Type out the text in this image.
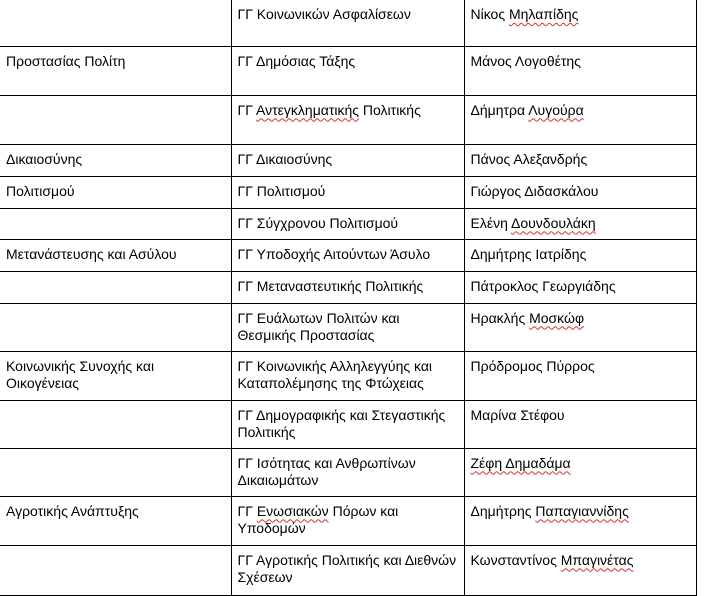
	ΓΓ Κοινωνικών Ασφαλίσεων	Νίκος Μηλαπίδης
Προστασίας Πολίτη	ΓΓ Δημόσιας Τάξης	Μάνος Λογοθέτης
	ΓΓ Αντεγκληματικής Πολιτικής	Δήμητρα Λυγούρα
Δικαιοσύνης	ΓΓ Δικαιοσύνης	Πάνος Αλεξανδρής
Πολιτισμού	ΓΓ Πολιτισμού	Γιώργος Διδασκάλου
	ΓΓ Σύγχρονου Πολιτισμού	Ελένη Δουνδουλάκη
Μετανάστευσης και Ασύλου	ΓΓ Υποδοχής Αιτούντων Άσυλο	Δημήτρης Ιατρίδης
	ΓΓ Μεταναστευτικής Πολιτικής	Πάτροκλος Γεωργιάδης
	ΓΓ Ευάλωτων Πολιτών και Θεσμικής Προστασίας	Ηρακλής Μοσκώφ
Κοινωνικής Συνοχής και Οικογένειας	ΓΓ Κοινωνικής Αλληλεγγύης και Καταπολέμησης της Φτώχειας	Πρόδρομος Πύρρος
	ΓΓ Δημογραφικής και Στεγαστικής Πολιτικής	Μαρίνα Στέφου
	ΓΓ Ισότητας και Ανθρωπίνων Δικαιωμάτων	Ζέφη Δημαδάμα
Αγροτικής Ανάπτυξης	ΓΓ Ενωσιακών Πόρων και Υποδομών	Δημήτρης Παπαγιαννίδης
	ΓΓ Αγροτικής Πολιτικής και Διεθνών Σχέσεων	Κωνσταντίνος Μπαγινέτας
